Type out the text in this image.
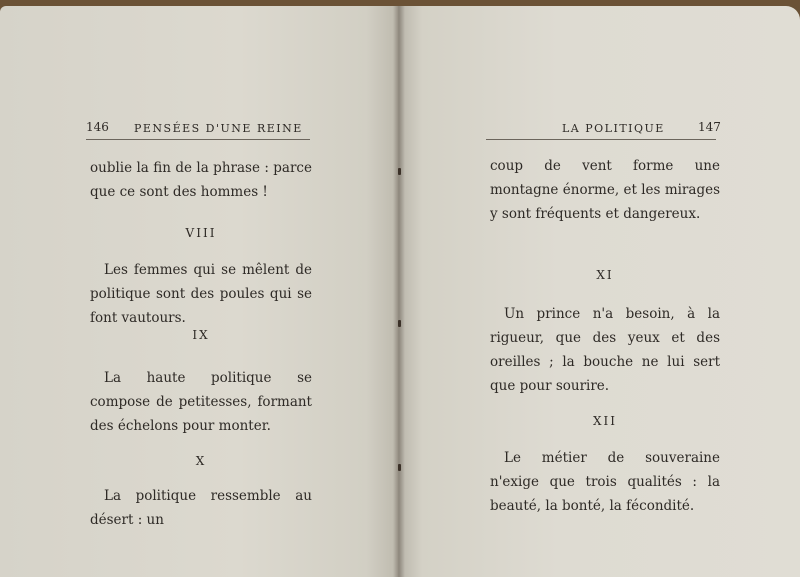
146 PENSÉES D'UNE REINE

oublie la fin de la phrase : parce que ce sont des hommes !

VIII

Les femmes qui se mêlent de politique sont des poules qui se font vautours.

IX

La haute politique se compose de petitesses, formant des échelons pour monter.

X

La politique ressemble au désert : un

LA POLITIQUE	147

coup de vent forme une montagne énorme, et les mirages y sont fréquents et dangereux.

XI

Un prince n'a besoin, à la rigueur, que des yeux et des oreilles ; la bouche ne lui sert que pour sourire.

XII

Le métier de souveraine n'exige que trois qualités : la beauté, la bonté, la fécondité.
